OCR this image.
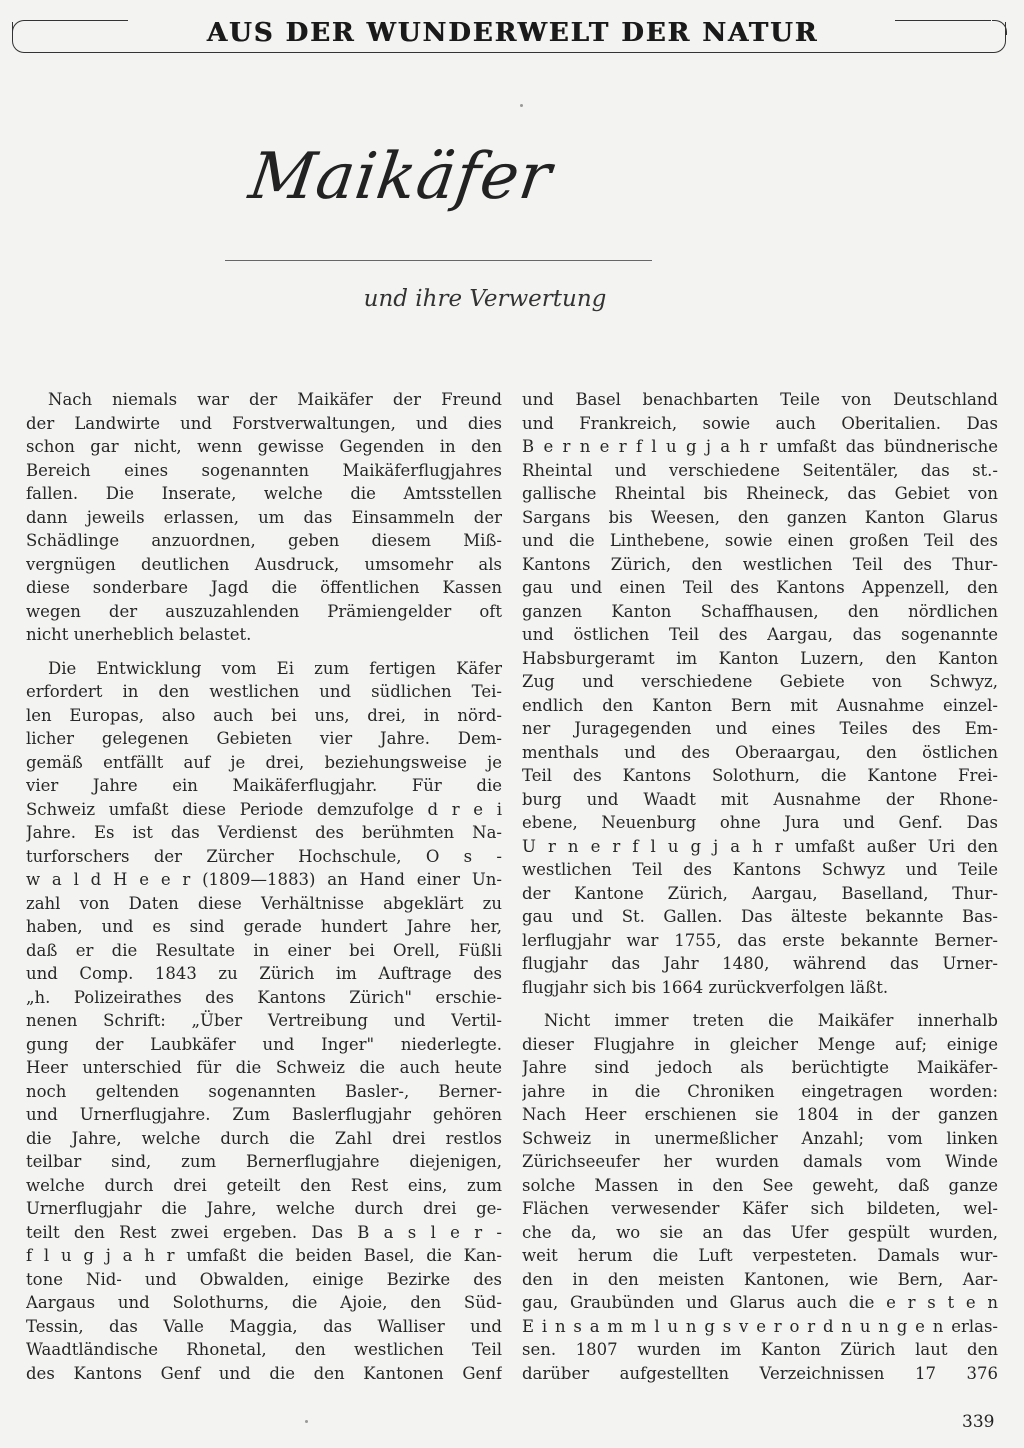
AUS DER WUNDERWELT DER NATUR
Maikäfer
und ihre Verwertung
Nach niemals war der Maikäfer der Freund
der Landwirte und Forstverwaltungen, und dies
schon gar nicht, wenn gewisse Gegenden in den
Bereich eines sogenannten Maikäferflugjahres
fallen. Die Inserate, welche die Amtsstellen
dann jeweils erlassen, um das Einsammeln der
Schädlinge anzuordnen, geben diesem Miß-
vergnügen deutlichen Ausdruck, umsomehr als
diese sonderbare Jagd die öffentlichen Kassen
wegen der auszuzahlenden Prämiengelder oft
nicht unerheblich belastet.
Die Entwicklung vom Ei zum fertigen Käfer
erfordert in den westlichen und südlichen Tei-
len Europas, also auch bei uns, drei, in nörd-
licher gelegenen Gebieten vier Jahre. Dem-
gemäß entfällt auf je drei, beziehungsweise je
vier Jahre ein Maikäferflugjahr. Für die
Schweiz umfaßt diese Periode demzufolge d r e i
Jahre. Es ist das Verdienst des berühmten Na-
turforschers der Zürcher Hochschule, O s -
w a l d H e e r (1809—1883) an Hand einer Un-
zahl von Daten diese Verhältnisse abgeklärt zu
haben, und es sind gerade hundert Jahre her,
daß er die Resultate in einer bei Orell, Füßli
und Comp. 1843 zu Zürich im Auftrage des
„h. Polizeirathes des Kantons Zürich" erschie-
nenen Schrift: „Über Vertreibung und Vertil-
gung der Laubkäfer und Inger" niederlegte.
Heer unterschied für die Schweiz die auch heute
noch geltenden sogenannten Basler-, Berner-
und Urnerflugjahre. Zum Baslerflugjahr gehören
die Jahre, welche durch die Zahl drei restlos
teilbar sind, zum Bernerflugjahre diejenigen,
welche durch drei geteilt den Rest eins, zum
Urnerflugjahr die Jahre, welche durch drei ge-
teilt den Rest zwei ergeben. Das B a s l e r -
f l u g j a h r umfaßt die beiden Basel, die Kan-
tone Nid- und Obwalden, einige Bezirke des
Aargaus und Solothurns, die Ajoie, den Süd-
Tessin, das Valle Maggia, das Walliser und
Waadtländische Rhonetal, den westlichen Teil
des Kantons Genf und die den Kantonen Genf
und Basel benachbarten Teile von Deutschland
und Frankreich, sowie auch Oberitalien. Das
B e r n e r f l u g j a h r umfaßt das bündnerische
Rheintal und verschiedene Seitentäler, das st.-
gallische Rheintal bis Rheineck, das Gebiet von
Sargans bis Weesen, den ganzen Kanton Glarus
und die Linthebene, sowie einen großen Teil des
Kantons Zürich, den westlichen Teil des Thur-
gau und einen Teil des Kantons Appenzell, den
ganzen Kanton Schaffhausen, den nördlichen
und östlichen Teil des Aargau, das sogenannte
Habsburgeramt im Kanton Luzern, den Kanton
Zug und verschiedene Gebiete von Schwyz,
endlich den Kanton Bern mit Ausnahme einzel-
ner Juragegenden und eines Teiles des Em-
menthals und des Oberaargau, den östlichen
Teil des Kantons Solothurn, die Kantone Frei-
burg und Waadt mit Ausnahme der Rhone-
ebene, Neuenburg ohne Jura und Genf. Das
U r n e r f l u g j a h r umfaßt außer Uri den
westlichen Teil des Kantons Schwyz und Teile
der Kantone Zürich, Aargau, Baselland, Thur-
gau und St. Gallen. Das älteste bekannte Bas-
lerflugjahr war 1755, das erste bekannte Berner-
flugjahr das Jahr 1480, während das Urner-
flugjahr sich bis 1664 zurückverfolgen läßt.
Nicht immer treten die Maikäfer innerhalb
dieser Flugjahre in gleicher Menge auf; einige
Jahre sind jedoch als berüchtigte Maikäfer-
jahre in die Chroniken eingetragen worden:
Nach Heer erschienen sie 1804 in der ganzen
Schweiz in unermeßlicher Anzahl; vom linken
Zürichseeufer her wurden damals vom Winde
solche Massen in den See geweht, daß ganze
Flächen verwesender Käfer sich bildeten, wel-
che da, wo sie an das Ufer gespült wurden,
weit herum die Luft verpesteten. Damals wur-
den in den meisten Kantonen, wie Bern, Aar-
gau, Graubünden und Glarus auch die e r s t e n
E i n s a m m l u n g s v e r o r d n u n g e n erlas-
sen. 1807 wurden im Kanton Zürich laut den
darüber aufgestellten Verzeichnissen 17 376
339
